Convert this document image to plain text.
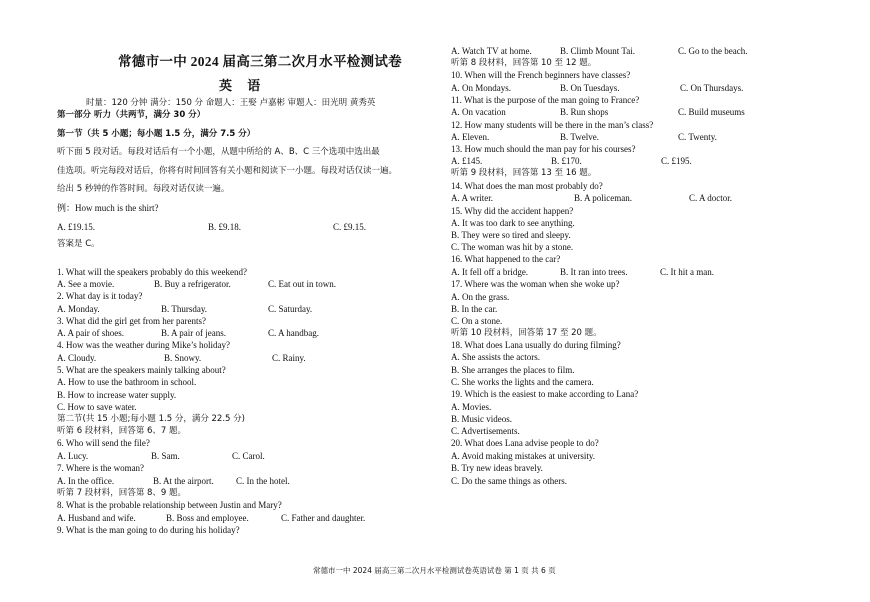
常德市一中 2024 届高三第二次月水平检测试卷
英 语
时量：120 分钟 满分：150 分 命题人：王娶 卢嘉彬 审题人：田光明 黄秀英
第一部分 听力（共两节，满分 30 分）
第一节（共 5 小题；每小题 1.5 分，满分 7.5 分）
听下面 5 段对话。每段对话后有一个小题，从题中所给的 A、B、C 三个选项中选出最
佳选项。听完每段对话后，你将有时间回答有关小题和阅读下一小题。每段对话仅读一遍。
给出 5 秒钟的作答时间。每段对话仅读一遍。
例：How much is the shirt?
A. £19.15.	B. £9.18.	C. £9.15.
答案是 C。
1. What will the speakers probably do this weekend?
A. See a movie.	B. Buy a refrigerator.	C. Eat out in town.
2. What day is it today?
A. Monday.	B. Thursday.	C. Saturday.
3. What did the girl get from her parents?
A. A pair of shoes.	B. A pair of jeans.	C. A handbag.
4. How was the weather during Mike’s holiday?
A. Cloudy.	B. Snowy.	C. Rainy.
5. What are the speakers mainly talking about?
A. How to use the bathroom in school.
B. How to increase water supply.
C. How to save water.
第二节(共 15 小题;每小题 1.5 分，满分 22.5 分)
听第 6 段材料，回答第 6、7 题。
6. Who will send the file?
A. Lucy.	B. Sam.	C. Carol.
7. Where is the woman?
A. In the office.	B. At the airport. C. In the hotel.
听第 7 段材料，回答第 8、9 题。
8. What is the probable relationship between Justin and Mary?
A. Husband and wife.	B. Boss and employee.	C. Father and daughter.
9. What is the man going to do during his holiday?
A. Watch TV at home.	B. Climb Mount Tai.	C. Go to the beach.
听第 8 段材料，回答第 10 至 12 题。
10. When will the French beginners have classes?
A. On Mondays.	B. On Tuesdays.	C. On Thursdays.
11. What is the purpose of the man going to France?
A. On vacation	B. Run shops	C. Build museums
12. How many students will be there in the man’s class?
A. Eleven.	B. Twelve.	C. Twenty.
13. How much should the man pay for his courses?
A. £145.	B. £170.	C. £195.
听第 9 段材料，回答第 13 至 16 题。
14. What does the man most probably do?
A. A writer.	B. A policeman.	C. A doctor.
15. Why did the accident happen?
A. It was too dark to see anything.
B. They were so tired and sleepy.
C. The woman was hit by a stone.
16. What happened to the car?
A. It fell off a bridge.	B. It ran into trees.	C. It hit a man.
17. Where was the woman when she woke up?
A. On the grass.
B. In the car.
C. On a stone.
听第 10 段材料，回答第 17 至 20 题。
18. What does Lana usually do during filming?
A. She assists the actors.
B. She arranges the places to film.
C. She works the lights and the camera.
19. Which is the easiest to make according to Lana?
A. Movies.
B. Music videos.
C. Advertisements.
20. What does Lana advise people to do?
A. Avoid making mistakes at university.
B. Try new ideas bravely.
C. Do the same things as others.
常德市一中 2024 届高三第二次月水平检测试卷英语试卷 第 1 页 共 6 页
